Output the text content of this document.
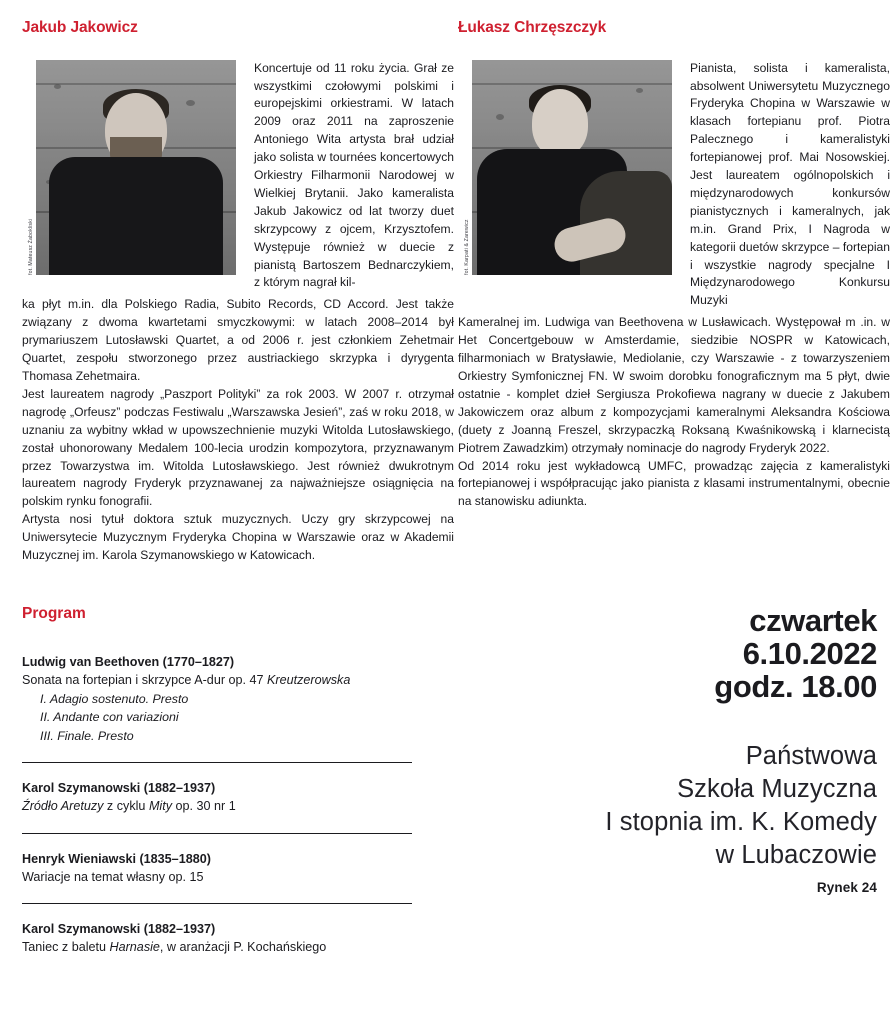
Jakub Jakowicz
fot. Mateusz Żabokliski
Koncertuje od 11 roku życia. Grał ze wszystkimi czołowymi polskimi i europejskimi orkiestrami. W latach 2009 oraz 2011 na zaproszenie Antoniego Wita artysta brał udział jako solista w tournées koncertowych Orkiestry Filharmonii Narodowej w Wielkiej Brytanii. Jako kameralista Jakub Jakowicz od lat tworzy duet skrzypcowy z ojcem, Krzysztofem. Występuje również w duecie z pianistą Bartoszem Bednarczykiem, z którym nagrał kil-

ka płyt m.in. dla Polskiego Radia, Subito Records, CD Accord. Jest także związany z dwoma kwartetami smyczkowymi: w latach 2008–2014 był prymariuszem Lutosławski Quartet, a od 2006 r. jest członkiem Zehetmair Quartet, zespołu stworzonego przez austriackiego skrzypka i dyrygenta Thomasa Zehetmaira.

Jest laureatem nagrody „Paszport Polityki” za rok 2003. W 2007 r. otrzymał nagrodę „Orfeusz” podczas Festiwalu „Warszawska Jesień”, zaś w roku 2018, w uznaniu za wybitny wkład w upowszechnienie muzyki Witolda Lutosławskiego, został uhonorowany Medalem 100-lecia urodzin kompozytora, przyznawanym przez Towarzystwa im. Witolda Lutosławskiego. Jest również dwukrotnym laureatem nagrody Fryderyk przyznawanej za najważniejsze osiągnięcia na polskim rynku fonografii.

Artysta nosi tytuł doktora sztuk muzycznych. Uczy gry skrzypcowej na Uniwersytecie Muzycznym Fryderyka Chopina w Warszawie oraz w Akademii Muzycznej im. Karola Szymanowskiego w Katowicach.

Łukasz Chrzęszczyk
fot. Karpati & Zarewicz
Pianista, solista i kameralista, absolwent Uniwersytetu Muzycznego Fryderyka Chopina w Warszawie w klasach fortepianu prof. Piotra Palecznego i kameralistyki fortepianowej prof. Mai Nosowskiej. Jest laureatem ogólnopolskich i międzynarodowych konkursów pianistycznych i kameralnych, jak m.in. Grand Prix, I Nagroda w kategorii duetów skrzypce – fortepian i wszystkie nagrody specjalne I Międzynarodowego Konkursu Muzyki

Kameralnej im. Ludwiga van Beethovena w Lusławicach. Występował m .in. w Het Concertgebouw w Amsterdamie, siedzibie NOSPR w Katowicach, filharmoniach w Bratysławie, Mediolanie, czy Warszawie - z towarzyszeniem Orkiestry Symfonicznej FN. W swoim dorobku fonograficznym ma 5 płyt, dwie ostatnie - komplet dzieł Sergiusza Prokofiewa nagrany w duecie z Jakubem Jakowiczem oraz album z kompozycjami kameralnymi Aleksandra Kościowa (duety z Joanną Freszel, skrzypaczką Roksaną Kwaśnikowską i klarnecistą Piotrem Zawadzkim) otrzymały nominacje do nagrody Fryderyk 2022.

Od 2014 roku jest wykładowcą UMFC, prowadząc zajęcia z kameralistyki fortepianowej i współpracując jako pianista z klasami instrumentalnymi, obecnie na stanowisku adiunkta.

Program

Ludwig van Beethoven (1770–1827)

Sonata na fortepian i skrzypce A-dur op. 47 Kreutzerowska

I. Adagio sostenuto. Presto
II. Andante con variazioni
III. Finale. Presto

Karol Szymanowski (1882–1937)

Źródło Aretuzy z cyklu Mity op. 30 nr 1

Henryk Wieniawski (1835–1880)

Wariacje na temat własny op. 15

Karol Szymanowski (1882–1937)

Taniec z baletu Harnasie, w aranżacji P. Kochańskiego

czwartek
6.10.2022
godz. 18.00

Państwowa
Szkoła Muzyczna
I stopnia im. K. Komedy
w Lubaczowie

Rynek 24
